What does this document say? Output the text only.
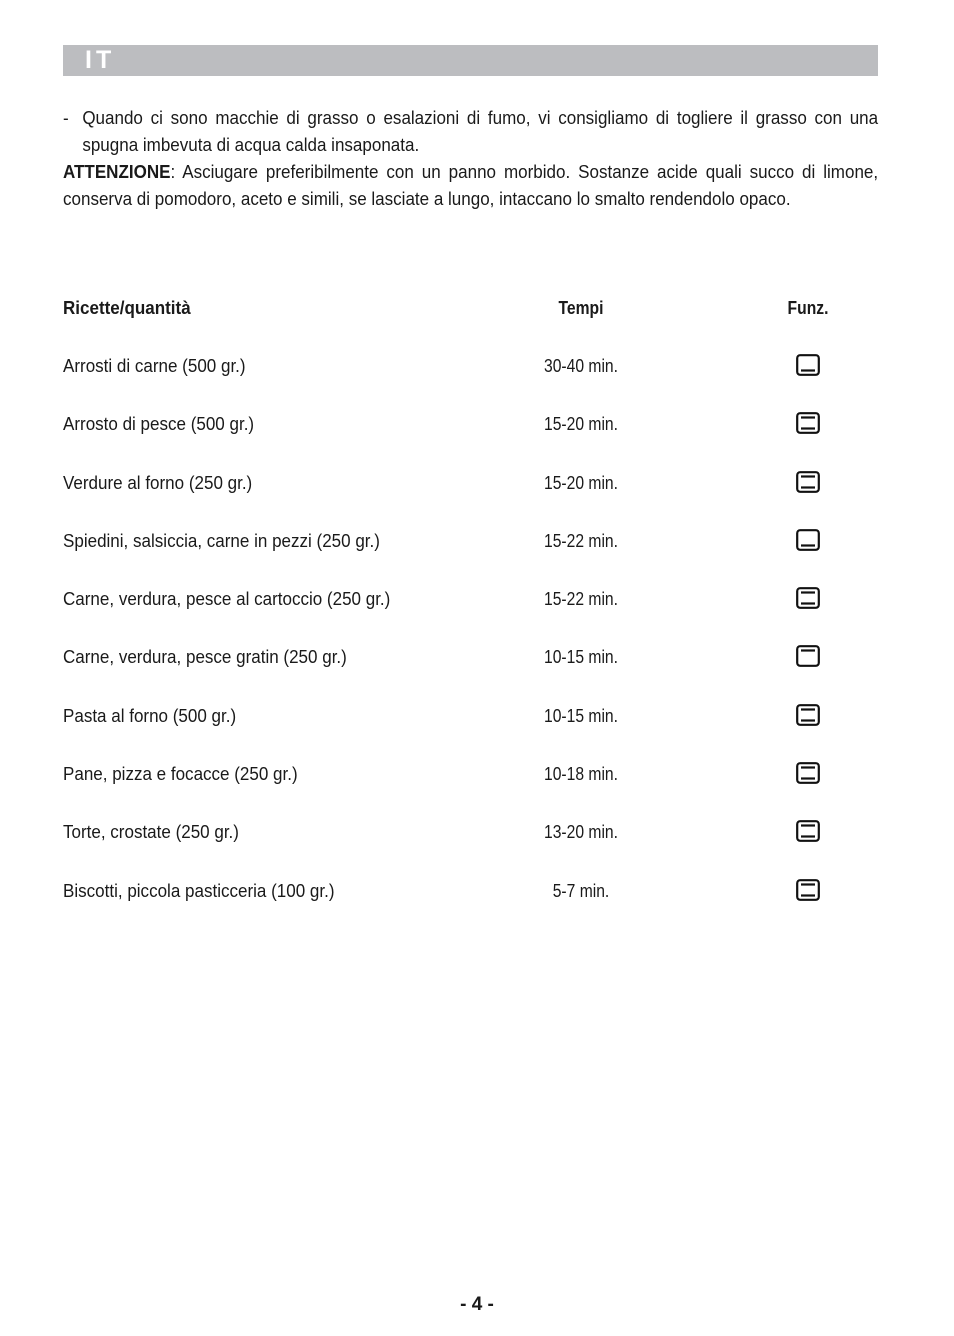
IT
- Quando ci sono macchie di grasso o esalazioni di fumo, vi consigliamo di togliere il grasso con una spugna imbevuta di acqua calda insaponata.
ATTENZIONE: Asciugare preferibilmente con un panno morbido. Sostanze acide quali succo di limone, conserva di pomodoro, aceto e simili, se lasciate a lungo, intaccano lo smalto rendendolo opaco.
Ricette/quantità	Tempi	Funz.
Arrosti di carne (500 gr.)	30-40 min.
Arrosto di pesce (500 gr.)	15-20 min.
Verdure al forno (250 gr.)	15-20 min.
Spiedini, salsiccia, carne in pezzi (250 gr.)	15-22 min.
Carne, verdura, pesce al cartoccio (250 gr.)	15-22 min.
Carne, verdura, pesce gratin (250 gr.)	10-15 min.
Pasta al forno (500 gr.)	10-15 min.
Pane, pizza e focacce (250 gr.)	10-18 min.
Torte, crostate (250 gr.)	13-20 min.
Biscotti, piccola pasticceria (100 gr.)	5-7 min.
- 4 -
